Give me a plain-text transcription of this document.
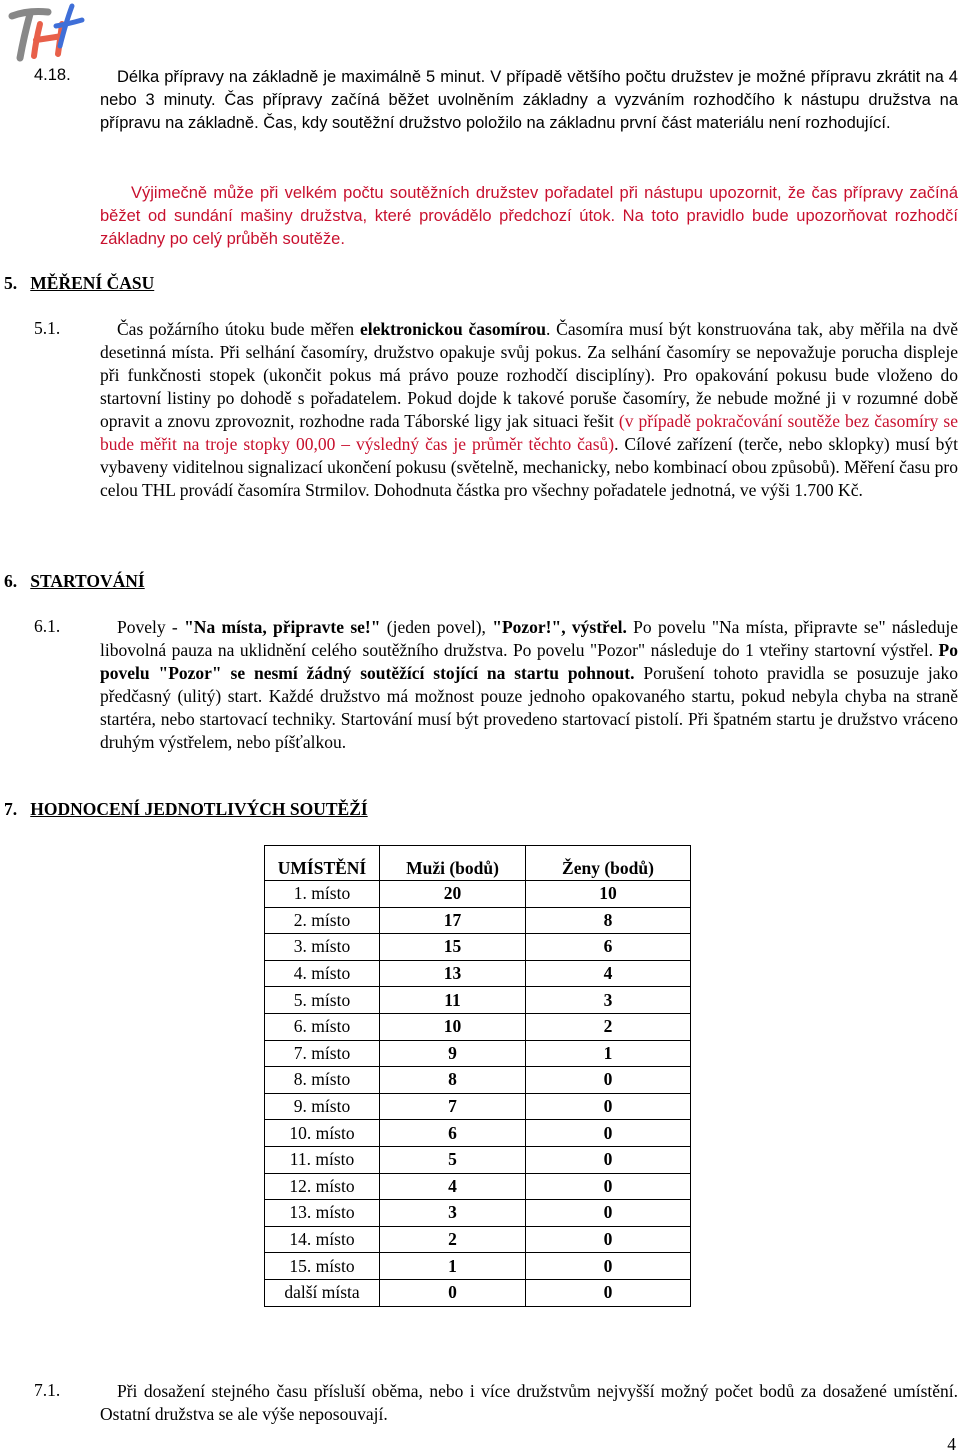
4.18.	Délka přípravy na základně je maximálně 5 minut. V případě většího počtu družstev je možné přípravu zkrátit na 4 nebo 3 minuty. Čas přípravy začíná běžet uvolněním základny a vyzváním rozhodčího k nástupu družstva na přípravu na základně. Čas, kdy soutěžní družstvo položilo na základnu první část materiálu není rozhodující.
Výjimečně může při velkém počtu soutěžních družstev pořadatel při nástupu upozornit, že čas přípravy začíná běžet od sundání mašiny družstva, které provádělo předchozí útok. Na toto pravidlo bude upozorňovat rozhodčí základny po celý průběh soutěže.
5. MĚŘENÍ ČASU
5.1.	Čas požárního útoku bude měřen elektronickou časomírou. Časomíra musí být konstruována tak, aby měřila na dvě desetinná místa. Při selhání časomíry, družstvo opakuje svůj pokus. Za selhání časomíry se nepovažuje porucha displeje při funkčnosti stopek (ukončit pokus má právo pouze rozhodčí disciplíny). Pro opakování pokusu bude vloženo do startovní listiny po dohodě s pořadatelem. Pokud dojde k takové poruše časomíry, že nebude možné ji v rozumné době opravit a znovu zprovoznit, rozhodne rada Táborské ligy jak situaci řešit (v případě pokračování soutěže bez časomíry se bude měřit na troje stopky 00,00 – výsledný čas je průměr těchto časů). Cílové zařízení (terče, nebo sklopky) musí být vybaveny viditelnou signalizací ukončení pokusu (světelně, mechanicky, nebo kombinací obou způsobů). Měření času pro celou THL provádí časomíra Strmilov. Dohodnuta částka pro všechny pořadatele jednotná, ve výši 1.700 Kč.
6. STARTOVÁNÍ
6.1.	Povely - "Na místa, připravte se!" (jeden povel), "Pozor!", výstřel. Po povelu "Na místa, připravte se" následuje libovolná pauza na uklidnění celého soutěžního družstva. Po povelu "Pozor" následuje do 1 vteřiny startovní výstřel. Po povelu "Pozor" se nesmí žádný soutěžící stojící na startu pohnout. Porušení tohoto pravidla se posuzuje jako předčasný (ulitý) start. Každé družstvo má možnost pouze jednoho opakovaného startu, pokud nebyla chyba na straně startéra, nebo startovací techniky. Startování musí být provedeno startovací pistolí. Při špatném startu je družstvo vráceno druhým výstřelem, nebo píšťalkou.
7. HODNOCENÍ JEDNOTLIVÝCH SOUTĚŽÍ
UMÍSTĚNÍ	Muži (bodů)	Ženy (bodů)
1. místo	20	10
2. místo	17	8
3. místo	15	6
4. místo	13	4
5. místo	11	3
6. místo	10	2
7. místo	9	1
8. místo	8	0
9. místo	7	0
10. místo	6	0
11. místo	5	0
12. místo	4	0
13. místo	3	0
14. místo	2	0
15. místo	1	0
další místa	0	0
7.1.	Při dosažení stejného času přísluší oběma, nebo i více družstvům nejvyšší možný počet bodů za dosažené umístění. Ostatní družstva se ale výše neposouvají.
4
